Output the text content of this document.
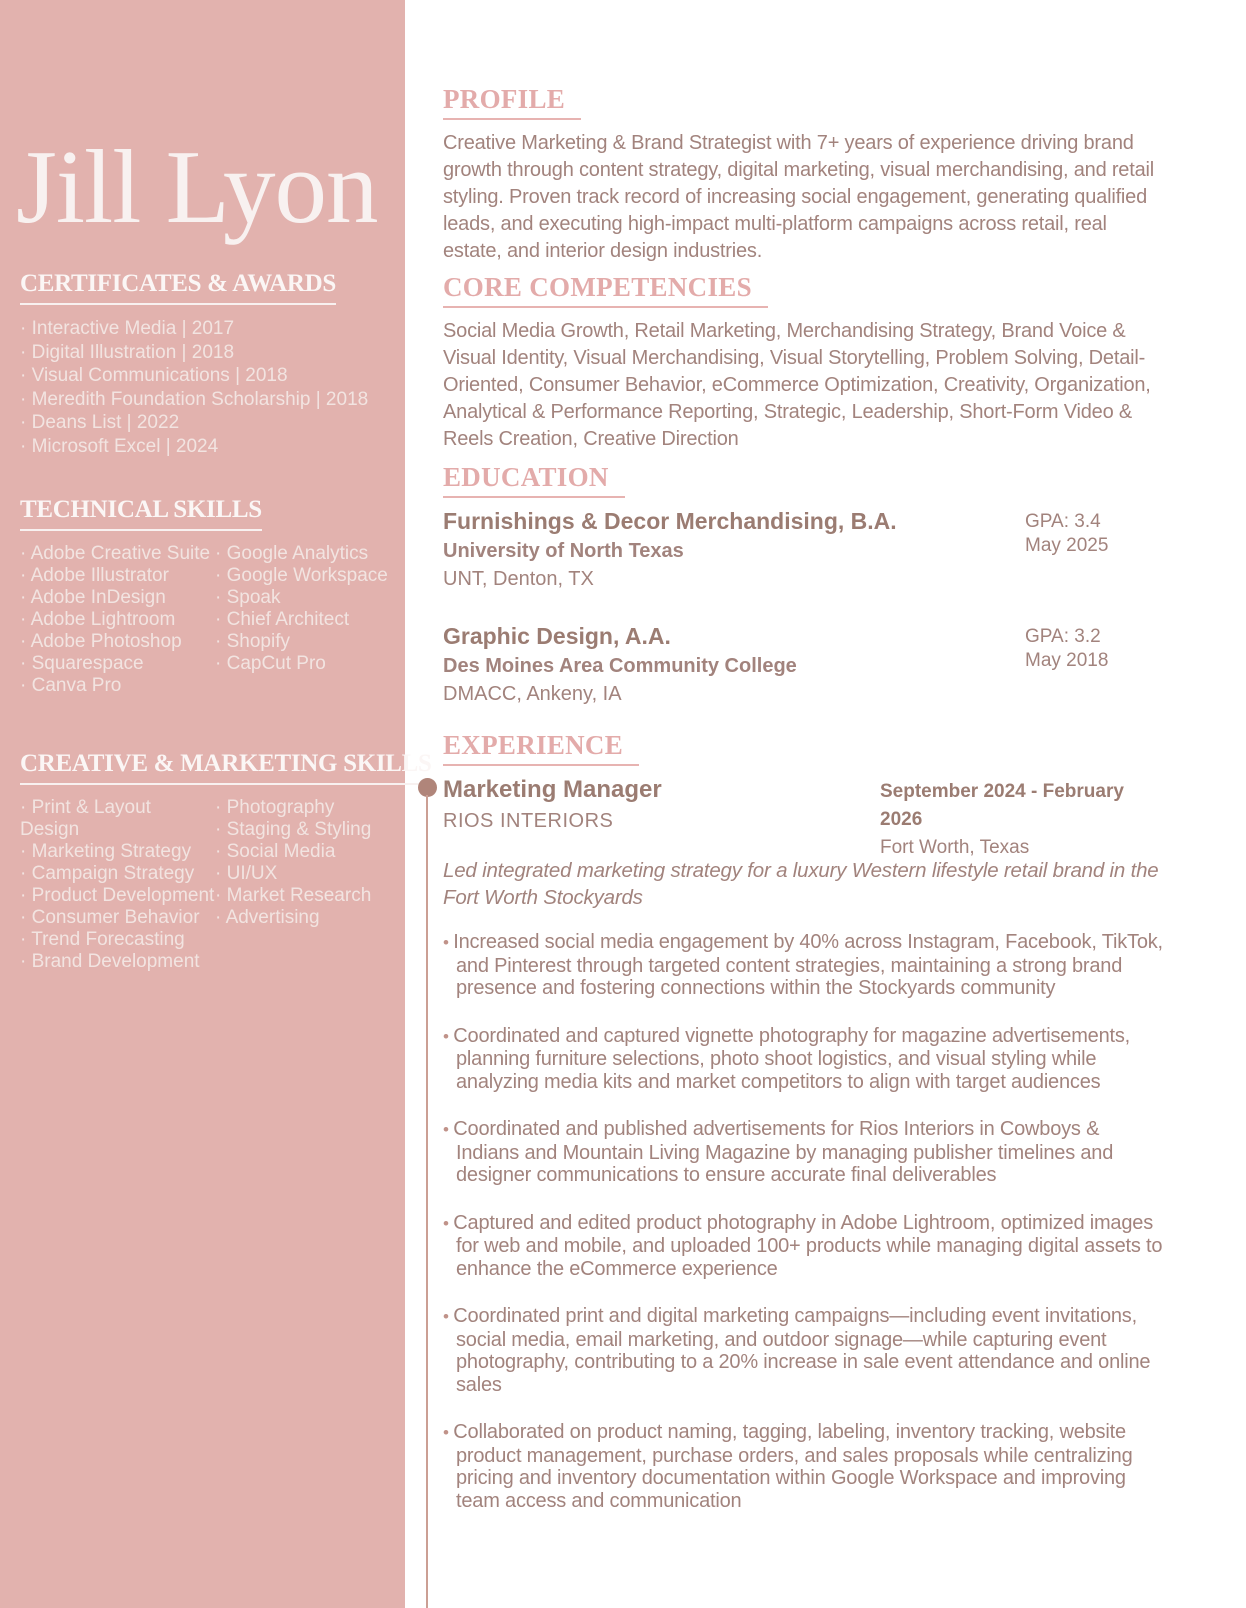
Jill Lyon
CERTIFICATES & AWARDS
· Interactive Media | 2017
· Digital Illustration | 2018
· Visual Communications | 2018
· Meredith Foundation Scholarship | 2018
· Deans List | 2022
· Microsoft Excel | 2024
TECHNICAL SKILLS
· Adobe Creative Suite
· Adobe Illustrator
· Adobe InDesign
· Adobe Lightroom
· Adobe Photoshop
· Squarespace
· Canva Pro
· Google Analytics
· Google Workspace
· Spoak
· Chief Architect
· Shopify
· CapCut Pro
CREATIVE & MARKETING SKILLS
· Print & Layout Design
· Marketing Strategy
· Campaign Strategy
· Product Development
· Consumer Behavior
· Trend Forecasting
· Brand Development
· Photography
· Staging & Styling
· Social Media
· UI/UX
· Market Research
· Advertising
PROFILE

Creative Marketing & Brand Strategist with 7+ years of experience driving brand growth through content strategy, digital marketing, visual merchandising, and retail styling. Proven track record of increasing social engagement, generating qualified leads, and executing high-impact multi-platform campaigns across retail, real estate, and interior design industries.

CORE COMPETENCIES

Social Media Growth, Retail Marketing, Merchandising Strategy, Brand Voice & Visual Identity, Visual Merchandising, Visual Storytelling, Problem Solving, Detail-Oriented, Consumer Behavior, eCommerce Optimization, Creativity, Organization, Analytical & Performance Reporting, Strategic, Leadership, Short-Form Video & Reels Creation, Creative Direction

EDUCATION

Furnishings & Decor Merchandising, B.A.

University of North Texas

UNT, Denton, TX

GPA: 3.4
May 2025

Graphic Design, A.A.

Des Moines Area Community College

DMACC, Ankeny, IA

GPA: 3.2
May 2018
EXPERIENCE

Marketing Manager

RIOS INTERIORS

September 2024 - February 2026
Fort Worth, Texas

Led integrated marketing strategy for a luxury Western lifestyle retail brand in the Fort Worth Stockyards

• Increased social media engagement by 40% across Instagram, Facebook, TikTok, and Pinterest through targeted content strategies, maintaining a strong brand presence and fostering connections within the Stockyards community
• Coordinated and captured vignette photography for magazine advertisements, planning furniture selections, photo shoot logistics, and visual styling while analyzing media kits and market competitors to align with target audiences
• Coordinated and published advertisements for Rios Interiors in Cowboys & Indians and Mountain Living Magazine by managing publisher timelines and designer communications to ensure accurate final deliverables
• Captured and edited product photography in Adobe Lightroom, optimized images for web and mobile, and uploaded 100+ products while managing digital assets to enhance the eCommerce experience
• Coordinated print and digital marketing campaigns—including event invitations, social media, email marketing, and outdoor signage—while capturing event photography, contributing to a 20% increase in sale event attendance and online sales
• Collaborated on product naming, tagging, labeling, inventory tracking, website product management, purchase orders, and sales proposals while centralizing pricing and inventory documentation within Google Workspace and improving team access and communication
